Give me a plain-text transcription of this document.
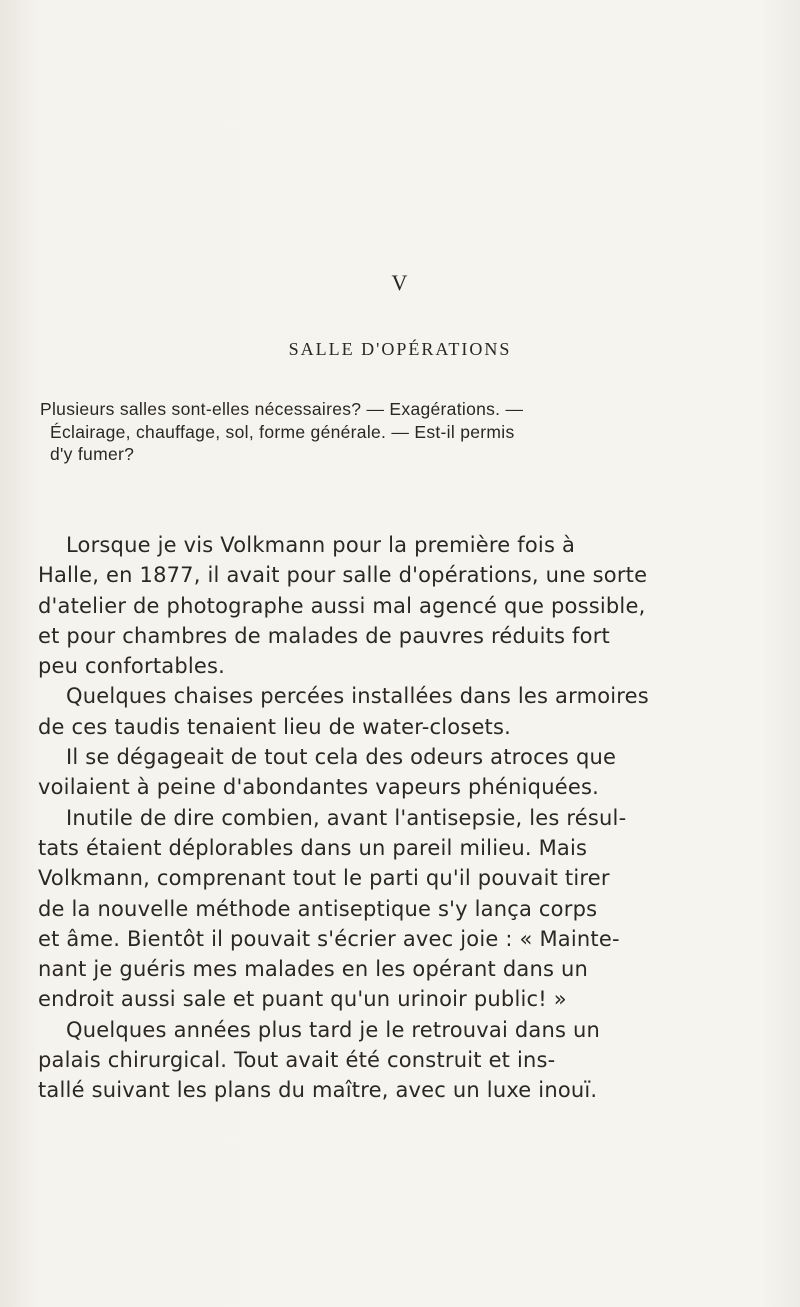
V
SALLE D'OPÉRATIONS
Plusieurs salles sont-elles nécessaires? — Exagérations. —
Éclairage, chauffage, sol, forme générale. — Est-il permis
d'y fumer?
Lorsque je vis Volkmann pour la première fois à
Halle, en 1877, il avait pour salle d'opérations, une sorte
d'atelier de photographe aussi mal agencé que possible,
et pour chambres de malades de pauvres réduits fort
peu confortables.
Quelques chaises percées installées dans les armoires
de ces taudis tenaient lieu de water-closets.
Il se dégageait de tout cela des odeurs atroces que
voilaient à peine d'abondantes vapeurs phéniquées.
Inutile de dire combien, avant l'antisepsie, les résul-
tats étaient déplorables dans un pareil milieu. Mais
Volkmann, comprenant tout le parti qu'il pouvait tirer
de la nouvelle méthode antiseptique s'y lança corps
et âme. Bientôt il pouvait s'écrier avec joie : « Mainte-
nant je guéris mes malades en les opérant dans un
endroit aussi sale et puant qu'un urinoir public! »
Quelques années plus tard je le retrouvai dans un
palais chirurgical. Tout avait été construit et ins-
tallé suivant les plans du maître, avec un luxe inouï.
